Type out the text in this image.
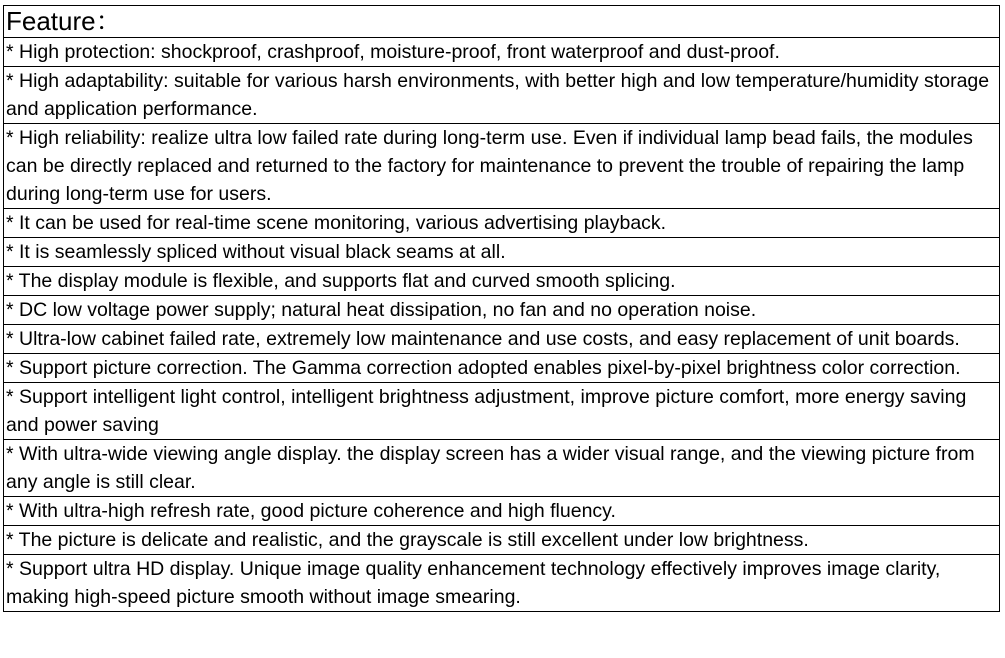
Feature：
* High protection: shockproof, crashproof, moisture-proof, front waterproof and dust-proof.
* High adaptability: suitable for various harsh environments, with better high and low temperature/humidity storage and application performance.
* High reliability: realize ultra low failed rate during long-term use. Even if individual lamp bead fails, the modules can be directly replaced and returned to the factory for maintenance to prevent the trouble of repairing the lamp during long-term use for users.
* It can be used for real-time scene monitoring, various advertising playback.
* It is seamlessly spliced without visual black seams at all.
* The display module is flexible, and supports flat and curved smooth splicing.
* DC low voltage power supply; natural heat dissipation, no fan and no operation noise.
* Ultra-low cabinet failed rate, extremely low maintenance and use costs, and easy replacement of unit boards.
* Support picture correction. The Gamma correction adopted enables pixel-by-pixel brightness color correction.
* Support intelligent light control, intelligent brightness adjustment, improve picture comfort, more energy saving and power saving
* With ultra-wide viewing angle display. the display screen has a wider visual range, and the viewing picture from any angle is still clear.
* With ultra-high refresh rate, good picture coherence and high fluency.
* The picture is delicate and realistic, and the grayscale is still excellent under low brightness.
* Support ultra HD display. Unique image quality enhancement technology effectively improves image clarity, making high-speed picture smooth without image smearing.
